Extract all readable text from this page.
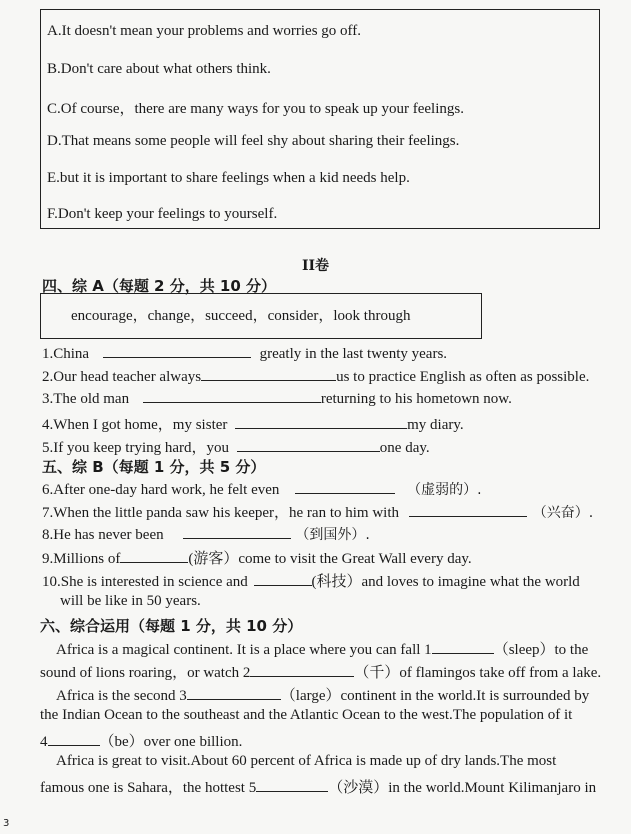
A.It doesn't mean your problems and worries go off.
B.Don't care about what others think.
C.Of course，there are many ways for you to speak up your feelings.
D.That means some people will feel shy about sharing their feelings.
E.but it is important to share feelings when a kid needs help.
F.Don't keep your feelings to yourself.
II卷
四、综 A（每题 2 分，共 10 分）
encourage，change，succeed，consider，look through
1.China	greatly in the last twenty years.
2.Our head teacher always	us to practice English as often as possible.
3.The old man	returning to his hometown now.
4.When I got home，my sister	my diary.
5.If you keep trying hard，you	one day.
五、综 B（每题 1 分，共 5 分）
6.After one-day hard work, he felt even	（虚弱的）.
7.When the little panda saw his keeper，he ran to him with	（兴奋）.
8.He has never been	（到国外）.
9.Millions of	(游客）come to visit the Great Wall every day.
10.She is interested in science and	(科技）and loves to imagine what the world
will be like in 50 years.
六、综合运用（每题 1 分，共 10 分）
Africa is a magical continent. It is a place where you can fall 1	（sleep）to the
sound of lions roaring，or watch 2	（千）of flamingos take off from a lake.
Africa is the second 3	（large）continent in the world.It is surrounded by
the Indian Ocean to the southeast and the Atlantic Ocean to the west.The population of it
4	（be）over one billion.
Africa is great to visit.About 60 percent of Africa is made up of dry lands.The most
famous one is Sahara，the hottest 5	（沙漠）in the world.Mount Kilimanjaro in
3
